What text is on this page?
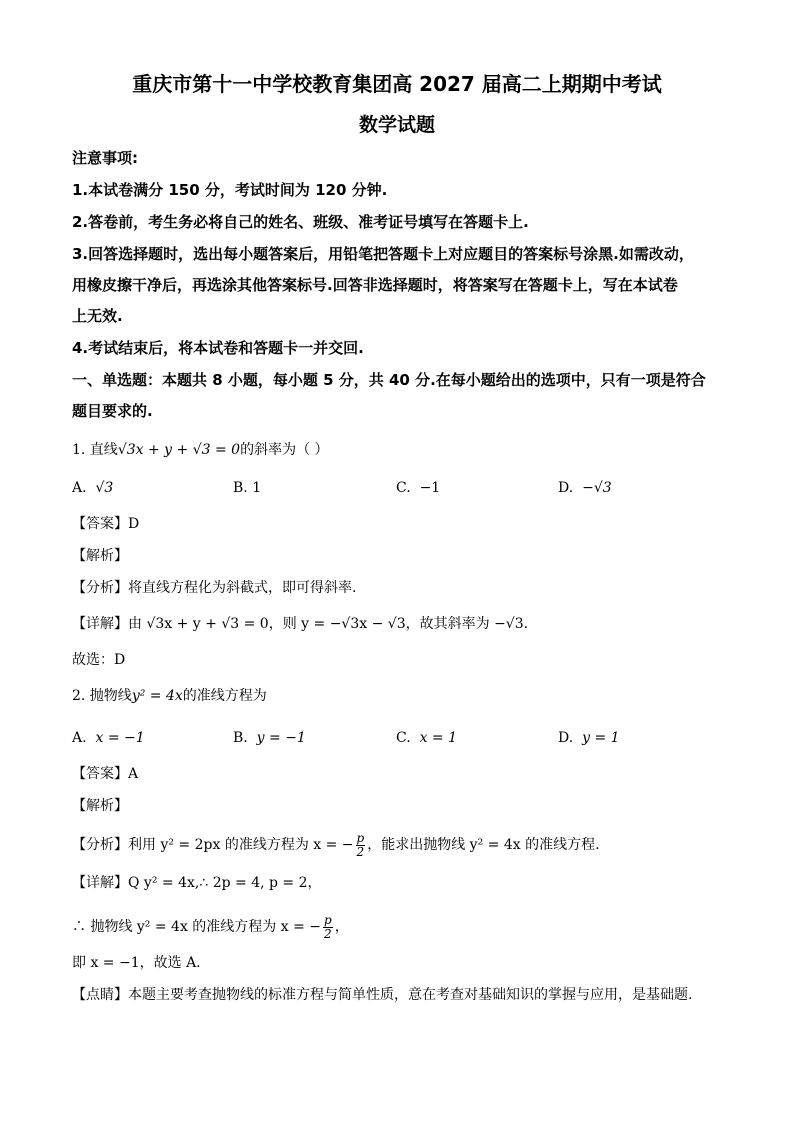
重庆市第十一中学校教育集团高 2027 届高二上期期中考试
数学试题
注意事项:
1.本试卷满分 150 分，考试时间为 120 分钟.
2.答卷前，考生务必将自己的姓名、班级、准考证号填写在答题卡上.
3.回答选择题时，选出每小题答案后，用铅笔把答题卡上对应题目的答案标号涂黑.如需改动，
用橡皮擦干净后，再选涂其他答案标号.回答非选择题时，将答案写在答题卡上，写在本试卷
上无效.
4.考试结束后，将本试卷和答题卡一并交回.
一、单选题：本题共 8 小题，每小题 5 分，共 40 分.在每小题给出的选项中，只有一项是符合
题目要求的.
1. 直线√3x + y + √3 = 0的斜率为（ ）
A. √3	B. 1	C. −1	D. −√3
【答案】D
【解析】
【分析】将直线方程化为斜截式，即可得斜率.
【详解】由 √3x + y + √3 = 0，则 y = −√3x − √3，故其斜率为 −√3.
故选：D
2. 抛物线y² = 4x的准线方程为
A. x = −1	B. y = −1	C. x = 1	D. y = 1
【答案】A
【解析】
【分析】利用 y² = 2px 的准线方程为 x = − $\frac{p}{2}$ ，能求出抛物线 y² = 4x 的准线方程.
【详解】Q y² = 4x,∴ 2p = 4, p = 2，
∴ 抛物线 y² = 4x 的准线方程为 x = − $\frac{p}{2}$ ，
即 x = −1，故选 A.
【点睛】本题主要考查抛物线的标准方程与简单性质，意在考查对基础知识的掌握与应用，是基础题.
